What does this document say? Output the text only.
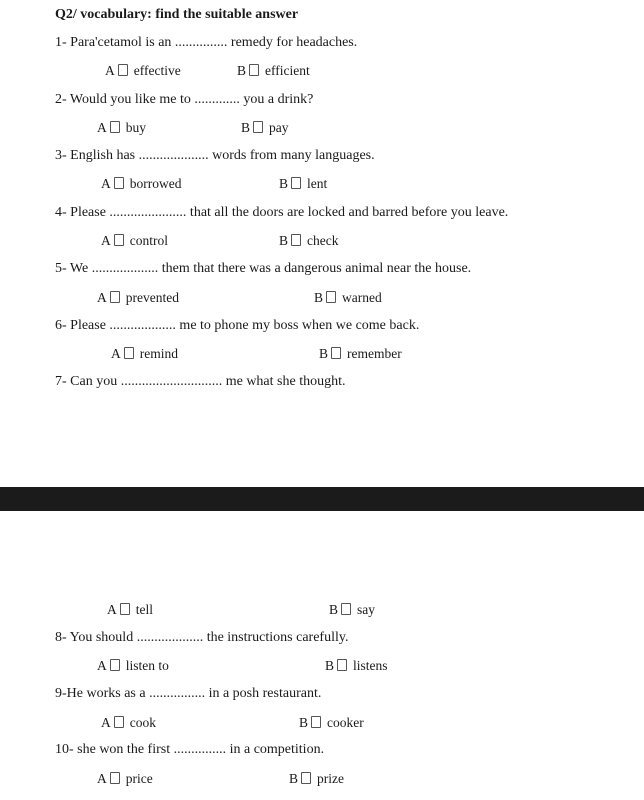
Q2/ vocabulary: find the suitable answer
1- Para'cetamol is an ............... remedy for headaches.
A effective	B efficient
2- Would you like me to ............. you a drink?
A buy	B pay
3- English has .................... words from many languages.
A borrowed	B lent
4- Please ...................... that all the doors are locked and barred before you leave.
A control	B check
5- We ................... them that there was a dangerous animal near the house.
A prevented	B warned
6- Please ................... me to phone my boss when we come back.
A remind	B remember
7- Can you ............................. me what she thought.
A tell	B say
8- You should ................... the instructions carefully.
A listen to	B listens
9-He works as a ................ in a posh restaurant.
A cook	B cooker
10- she won the first ............... in a competition.
A price	B prize
